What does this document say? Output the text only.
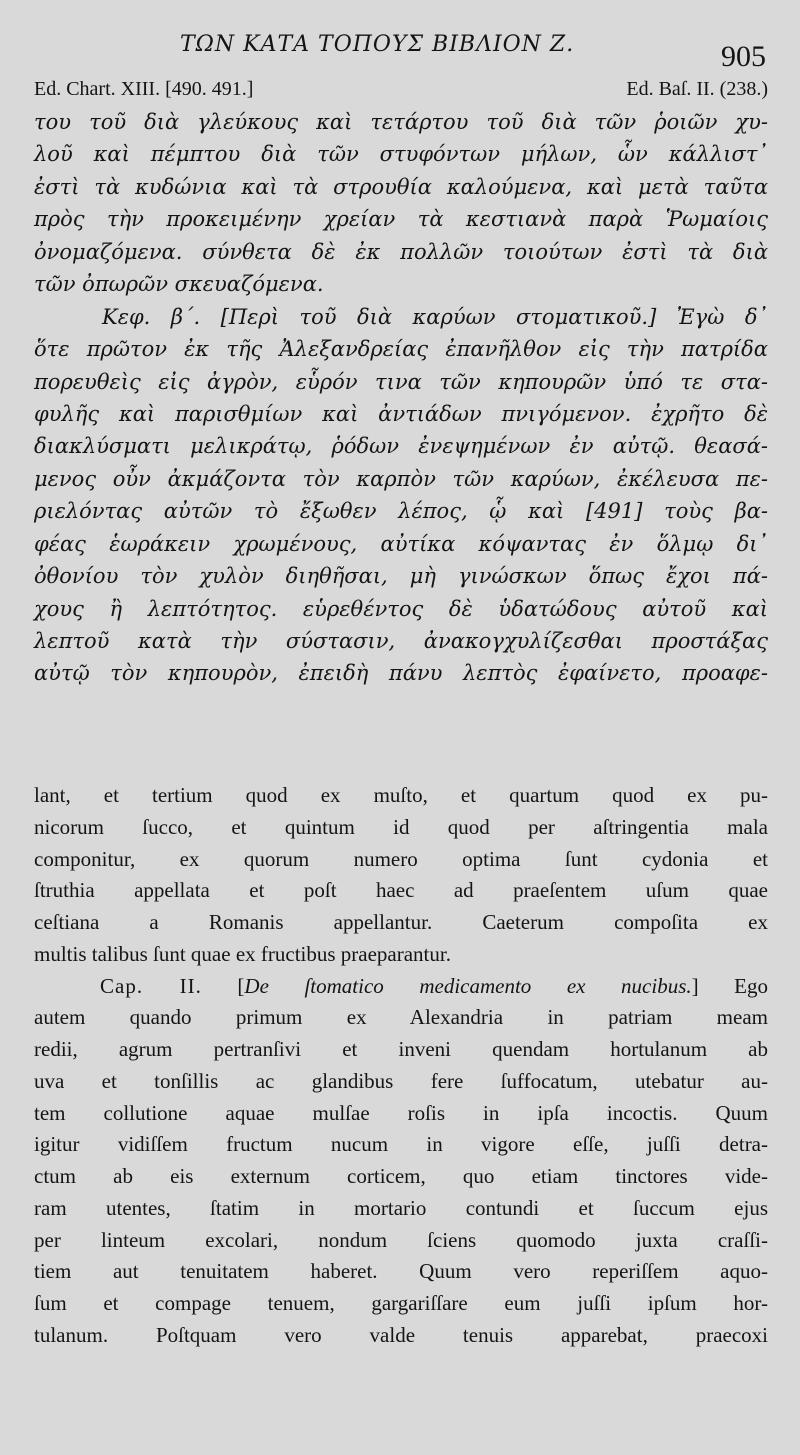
ΤΩΝ ΚΑΤΑ ΤΟΠΟΥΣ ΒΙΒΛΙΟΝ Ζ.	905
Ed. Chart. XIII. [490. 491.]	Ed. Baſ. II. (238.)
του τοῦ διὰ γλεύκους καὶ τετάρτου τοῦ διὰ τῶν ῥοιῶν χυ-
λοῦ καὶ πέμπτου διὰ τῶν στυφόντων μήλων, ὧν κάλλιστ᾽
ἐστὶ τὰ κυδώνια καὶ τὰ στρουθία καλούμενα, καὶ μετὰ ταῦτα
πρὸς τὴν προκειμένην χρείαν τὰ κεστιανὰ παρὰ Ῥωμαίοις
ὀνομαζόμενα. σύνθετα δὲ ἐκ πολλῶν τοιούτων ἐστὶ τὰ διὰ
τῶν ὀπωρῶν σκευαζόμενα.
Κεφ. β΄. [Περὶ τοῦ διὰ καρύων στοματικοῦ.] Ἐγὼ δ᾽
ὅτε πρῶτον ἐκ τῆς Ἀλεξανδρείας ἐπανῆλθον εἰς τὴν πατρίδα
πορευθεὶς εἰς ἀγρὸν, εὗρόν τινα τῶν κηπουρῶν ὑπό τε στα-
φυλῆς καὶ παρισθμίων καὶ ἀντιάδων πνιγόμενον. ἐχρῆτο δὲ
διακλύσματι μελικράτῳ, ῥόδων ἐνεψημένων ἐν αὐτῷ. θεασά-
μενος οὖν ἀκμάζοντα τὸν καρπὸν τῶν καρύων, ἐκέλευσα πε-
ριελόντας αὐτῶν τὸ ἔξωθεν λέπος, ᾧ καὶ [491] τοὺς βα-
φέας ἑωράκειν χρωμένους, αὐτίκα κόψαντας ἐν ὅλμῳ δι᾽
ὀθονίου τὸν χυλὸν διηθῆσαι, μὴ γινώσκων ὅπως ἔχοι πά-
χους ἢ λεπτότητος. εὑρεθέντος δὲ ὑδατώδους αὐτοῦ καὶ
λεπτοῦ κατὰ τὴν σύστασιν, ἀνακογχυλίζεσθαι προστάξας
αὐτῷ τὸν κηπουρὸν, ἐπειδὴ πάνυ λεπτὸς ἐφαίνετο, προαφε-
lant, et tertium quod ex muſto, et quartum quod ex pu-
nicorum ſucco, et quintum id quod per aſtringentia mala
componitur, ex quorum numero optima ſunt cydonia et
ſtruthia appellata et poſt haec ad praeſentem uſum quae
ceſtiana a Romanis appellantur. Caeterum compoſita ex
multis talibus ſunt quae ex fructibus praeparantur.
Cap. II. [De ſtomatico medicamento ex nucibus.] Ego
autem quando primum ex Alexandria in patriam meam
redii, agrum pertranſivi et inveni quendam hortulanum ab
uva et tonſillis ac glandibus fere ſuffocatum, utebatur au-
tem collutione aquae mulſae roſis in ipſa incoctis. Quum
igitur vidiſſem fructum nucum in vigore eſſe, juſſi detra-
ctum ab eis externum corticem, quo etiam tinctores vide-
ram utentes, ſtatim in mortario contundi et ſuccum ejus
per linteum excolari, nondum ſciens quomodo juxta craſſi-
tiem aut tenuitatem haberet. Quum vero reperiſſem aquo-
ſum et compage tenuem, gargariſſare eum juſſi ipſum hor-
tulanum. Poſtquam vero valde tenuis apparebat, praecoxi
